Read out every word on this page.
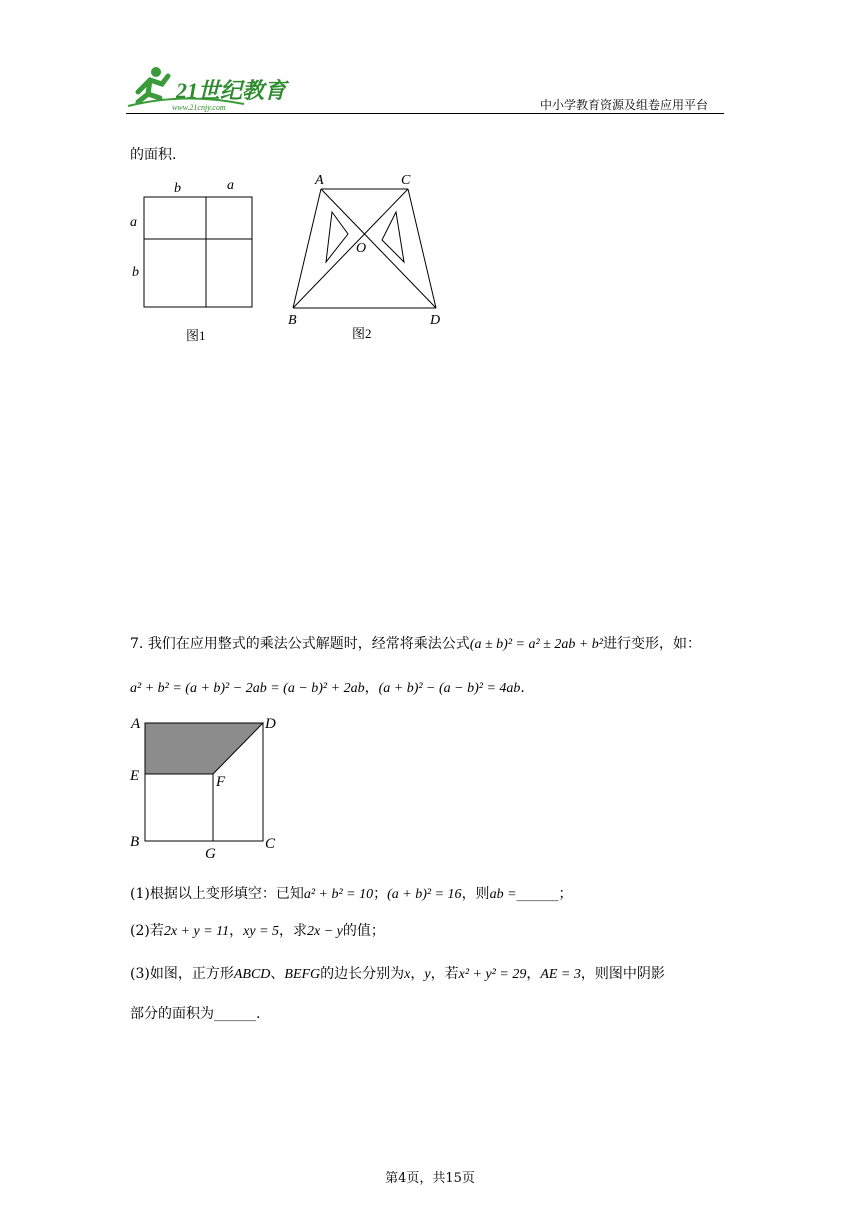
21世纪教育
www.21cnjy.com	中小学教育资源及组卷应用平台
的面积.
b	a
a
b
图1
A	C
O
B	D
图2
7. 我们在应用整式的乘法公式解题时，经常将乘法公式(a ± b)² = a² ± 2ab + b²进行变形，如：
a² + b² = (a + b)² − 2ab = (a − b)² + 2ab，(a + b)² − (a − b)² = 4ab.
A	D
E	F
B
G
C
(1)根据以上变形填空：已知a² + b² = 10；(a + b)² = 16，则ab =______；
(2)若2x + y = 11，xy = 5，求2x − y的值；
(3)如图，正方形ABCD、BEFG的边长分别为x，y，若x² + y² = 29，AE = 3，则图中阴影
部分的面积为______.
第4页，共15页
